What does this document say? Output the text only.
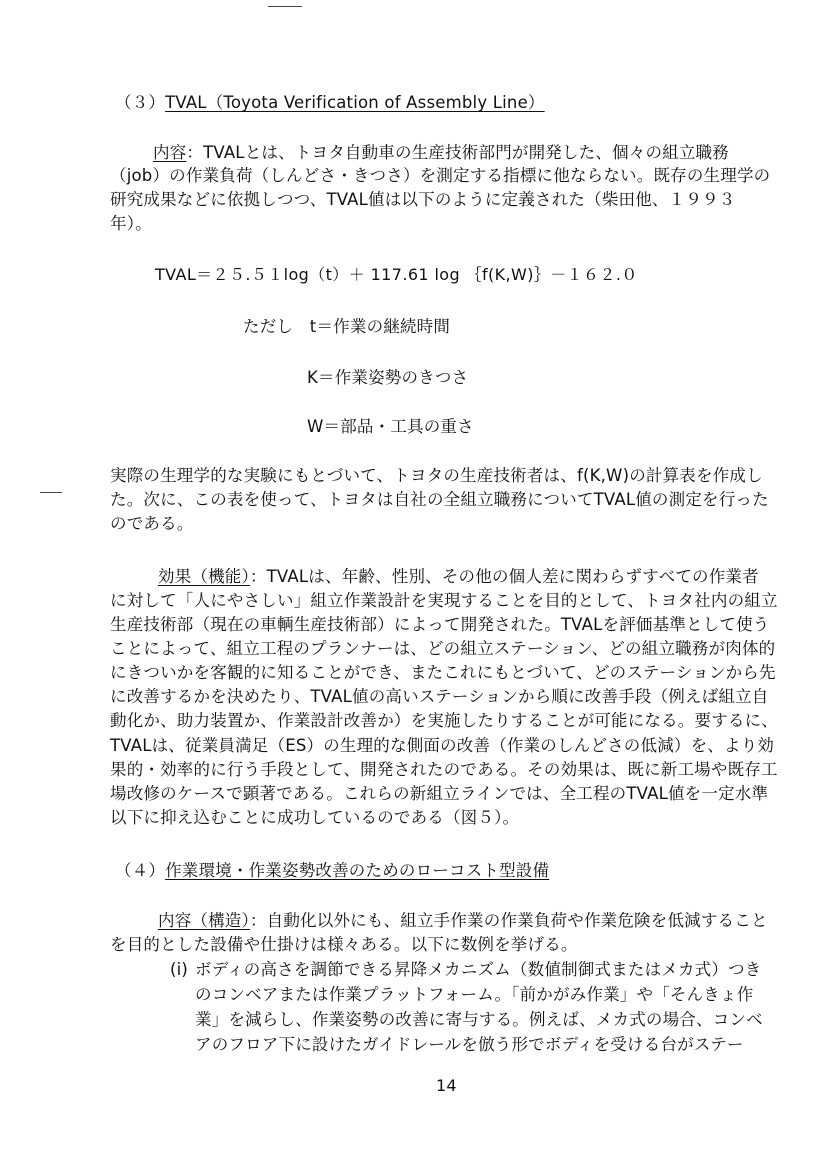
（３）TVAL（Toyota Verification of Assembly Line）
内容：TVALとは、トヨタ自動車の生産技術部門が開発した、個々の組立職務
（job）の作業負荷（しんどさ・きつさ）を測定する指標に他ならない。既存の生理学の
研究成果などに依拠しつつ、TVAL値は以下のように定義された（柴田他、１９９３
年）。
TVAL＝２５.５１log（t）＋ 117.61 log ｛f(K,W)｝－１６２.０
ただし　t＝作業の継続時間
K＝作業姿勢のきつさ
W＝部品・工具の重さ
実際の生理学的な実験にもとづいて、トヨタの生産技術者は、f(K,W)の計算表を作成し
た。次に、この表を使って、トヨタは自社の全組立職務についてTVAL値の測定を行った
のである。
効果（機能）：TVALは、年齢、性別、その他の個人差に関わらずすべての作業者
に対して「人にやさしい」組立作業設計を実現することを目的として、トヨタ社内の組立
生産技術部（現在の車輌生産技術部）によって開発された。TVALを評価基準として使う
ことによって、組立工程のプランナーは、どの組立ステーション、どの組立職務が肉体的
にきついかを客観的に知ることができ、またこれにもとづいて、どのステーションから先
に改善するかを決めたり、TVAL値の高いステーションから順に改善手段（例えば組立自
動化か、助力装置か、作業設計改善か）を実施したりすることが可能になる。要するに、
TVALは、従業員満足（ES）の生理的な側面の改善（作業のしんどさの低減）を、より効
果的・効率的に行う手段として、開発されたのである。その効果は、既に新工場や既存工
場改修のケースで顕著である。これらの新組立ラインでは、全工程のTVAL値を一定水準
以下に抑え込むことに成功しているのである（図５）。
（４）作業環境・作業姿勢改善のためのローコスト型設備
内容（構造）：自動化以外にも、組立手作業の作業負荷や作業危険を低減すること
を目的とした設備や仕掛けは様々ある。以下に数例を挙げる。
(i) ボディの高さを調節できる昇降メカニズム（数値制御式またはメカ式）つき
のコンベアまたは作業プラットフォーム。「前かがみ作業」や「そんきょ作
業」を減らし、作業姿勢の改善に寄与する。例えば、メカ式の場合、コンベ
アのフロア下に設けたガイドレールを倣う形でボディを受ける台がステー
14
